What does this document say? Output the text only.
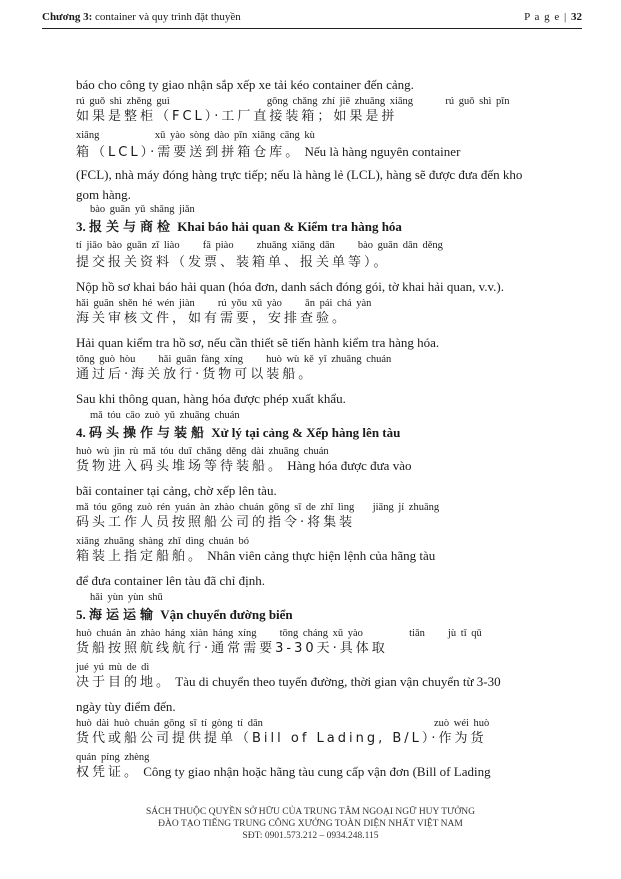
Chương 3: container và quy trình đặt thuyền	P a g e | 32
báo cho công ty giao nhận sắp xếp xe tải kéo container đến cảng.
rú guǒ shì zhěng guì                     gōng chǎng zhí jiē zhuāng xiāng       rú guǒ shì pīn
如果是整柜（FCL）·工厂直接装箱；如果是拼
xiāng            xū yào sòng dào pīn xiāng cāng kù
箱（LCL）·需要送到拼箱仓库。 Nếu là hàng nguyên container
(FCL), nhà máy đóng hàng trực tiếp; nếu là hàng lẻ (LCL), hàng sẽ được đưa đến kho
gom hàng.
bào guān yǔ shāng jiǎn
3. 报关与商检 Khai báo hải quan & Kiểm tra hàng hóa
tí jiāo bào guān zī liào     fā piào     zhuāng xiāng dān     bào guān dān děng
提交报关资料（发票、装箱单、报关单等）。
Nộp hồ sơ khai báo hải quan (hóa đơn, danh sách đóng gói, tờ khai hải quan, v.v.).
hǎi guān shěn hé wén jiàn     rú yǒu xū yào     ān pái chá yàn
海关审核文件，如有需要，安排查验。
Hải quan kiểm tra hồ sơ, nếu cần thiết sẽ tiến hành kiểm tra hàng hóa.
tōng guò hòu     hǎi guān fàng xíng     huò wù kě yǐ zhuāng chuán
通过后·海关放行·货物可以装船。
Sau khi thông quan, hàng hóa được phép xuất khẩu.
mǎ tóu cāo zuò yǔ zhuāng chuán
4. 码头操作与装船 Xử lý tại cảng & Xếp hàng lên tàu
huò wù jìn rù mǎ tóu duī chǎng děng dài zhuāng chuán
货物进入码头堆场等待装船。 Hàng hóa được đưa vào
bãi container tại cảng, chờ xếp lên tàu.
mǎ tóu gōng zuò rén yuán àn zhào chuán gōng sī de zhǐ lìng    jiāng jí zhuāng
码头工作人员按照船公司的指令·将集装
xiāng zhuāng shàng zhǐ dìng chuán bó
箱装上指定船舶。 Nhân viên cảng thực hiện lệnh của hãng tàu
để đưa container lên tàu đã chỉ định.
hǎi yùn yùn shū
5. 海运运输 Vận chuyển đường biển
huò chuán àn zhào háng xiàn háng xíng     tōng cháng xū yào          tiān     jù tǐ qǔ
货船按照航线航行·通常需要3-30天·具体取
jué yú mù de dì
决于目的地。 Tàu di chuyển theo tuyến đường, thời gian vận chuyển từ 3-30
ngày tùy điểm đến.
huò dài huò chuán gōng sī tí gòng tí dān                                     zuò wéi huò
货代或船公司提供提单（Bill of Lading, B/L）·作为货
quán píng zhèng
权凭证。 Công ty giao nhận hoặc hãng tàu cung cấp vận đơn (Bill of Lading
SÁCH THUỘC QUYỀN SỞ HỮU CỦA TRUNG TÂM NGOẠI NGỮ HUY TƯỞNG
ĐÀO TẠO TIẾNG TRUNG CÔNG XƯỞNG TOÀN DIỆN NHẤT VIỆT NAM
SĐT: 0901.573.212 – 0934.248.115
